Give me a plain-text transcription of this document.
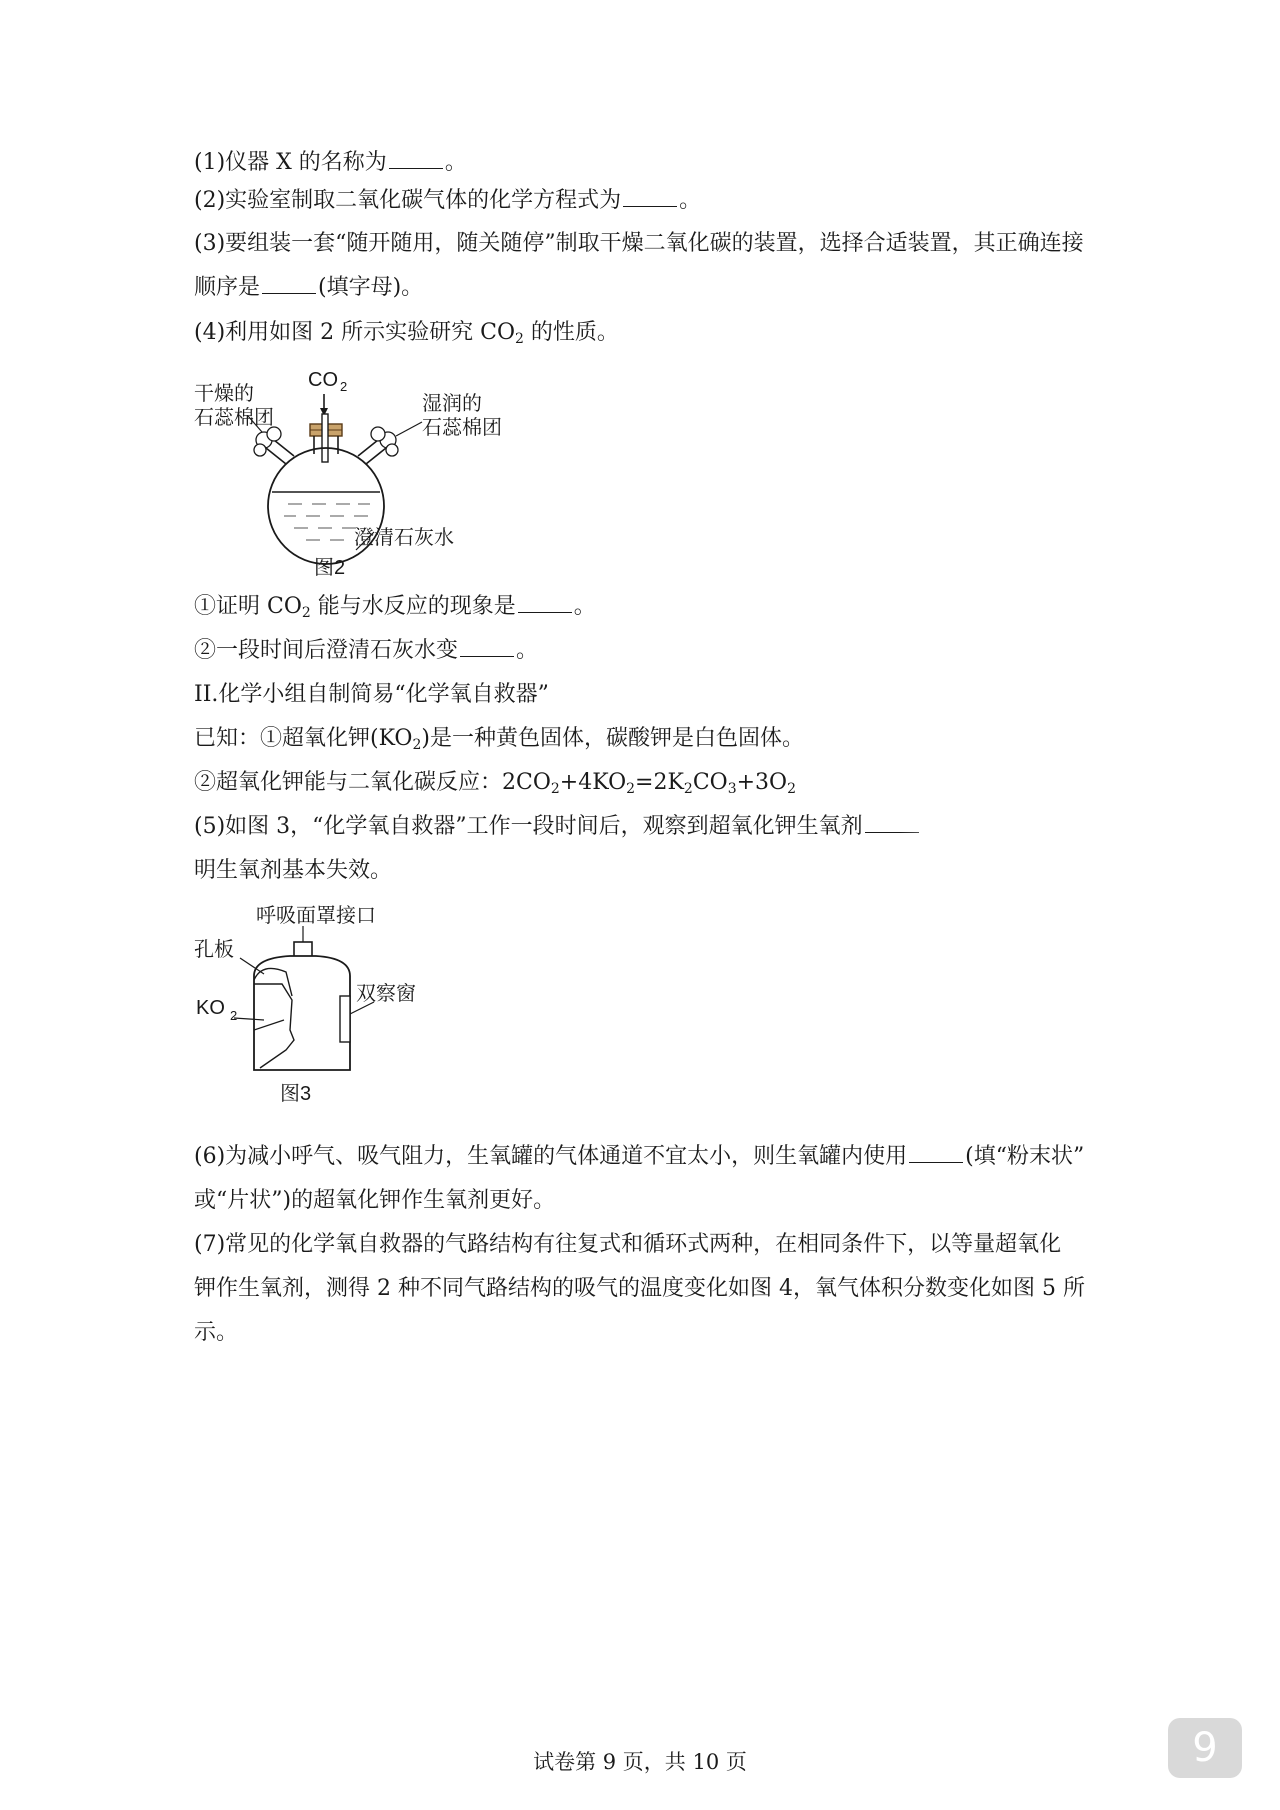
(1)仪器 X 的名称为	。
(2)实验室制取二氧化碳气体的化学方程式为	。
(3)要组装一套“随开随用，随关随停”制取干燥二氧化碳的装置，选择合适装置，其正确连接
顺序是	(填字母)。
(4)利用如图 2 所示实验研究 $CO_2$ 的性质。
CO 2
干燥的
石蕊棉团
湿润的
石蕊棉团
澄清石灰水
图2
①证明 $CO_2$ 能与水反应的现象是	。
②一段时间后澄清石灰水变	。
II.化学小组自制简易“化学氧自救器”
已知：①超氧化钾$(KO_2)$是一种黄色固体，碳酸钾是白色固体。
②超氧化钾能与二氧化碳反应：$2CO_2+4KO_2=2K_2CO_3+3O_2$
(5)如图 3，“化学氧自救器”工作一段时间后，观察到超氧化钾生氧剂
明生氧剂基本失效。
呼吸面罩接口
孔板
KO 2
双察窗
图3
(6)为减小呼气、吸气阻力，生氧罐的气体通道不宜太小，则生氧罐内使用	(填“粉末状”
或“片状”)的超氧化钾作生氧剂更好。
(7)常见的化学氧自救器的气路结构有往复式和循环式两种，在相同条件下，以等量超氧化
钾作生氧剂，测得 2 种不同气路结构的吸气的温度变化如图 4，氧气体积分数变化如图 5 所
示。
试卷第 9 页，共 10 页	9
